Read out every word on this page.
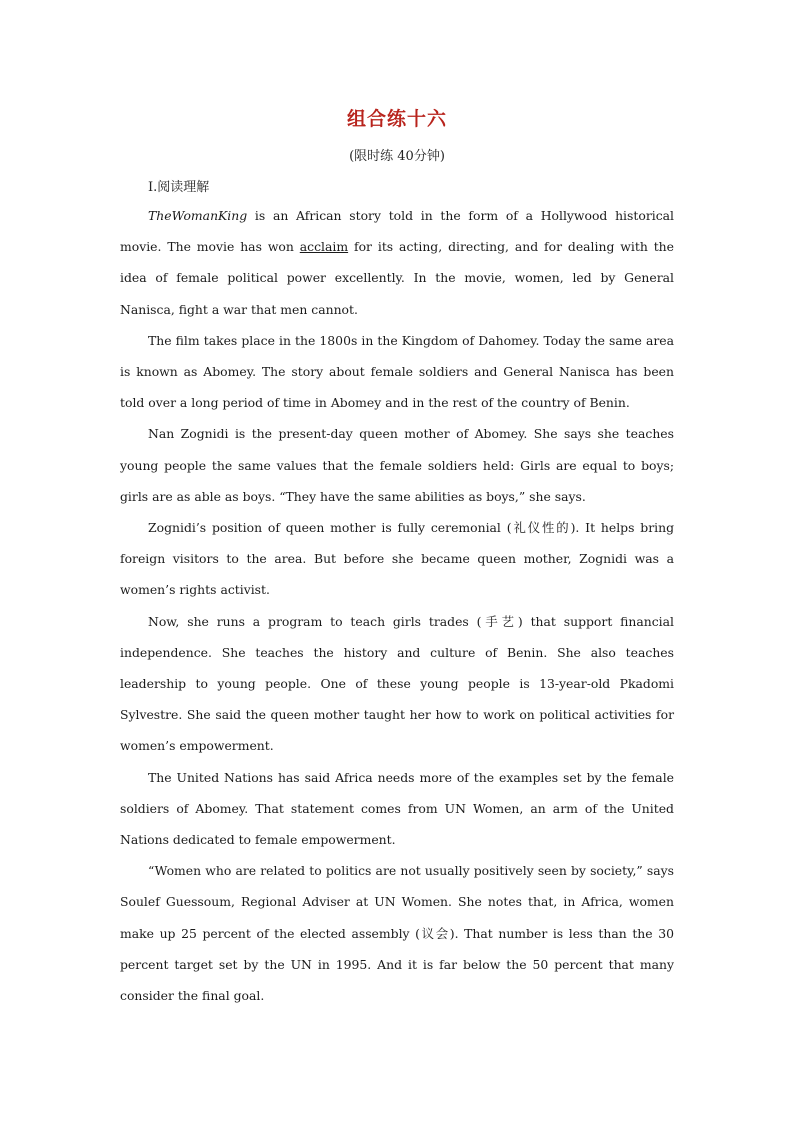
组合练十六
(限时练 40分钟)
Ⅰ.阅读理解

TheWomanKing is an African story told in the form of a Hollywood historical movie. The movie has won acclaim for its acting, directing, and for dealing with the idea of female political power excellently. In the movie, women, led by General Nanisca, fight a war that men cannot.

The film takes place in the 1800s in the Kingdom of Dahomey. Today the same area is known as Abomey. The story about female soldiers and General Nanisca has been told over a long period of time in Abomey and in the rest of the country of Benin.

Nan Zognidi is the present-day queen mother of Abomey. She says she teaches young people the same values that the female soldiers held: Girls are equal to boys; girls are as able as boys. “They have the same abilities as boys,” she says.

Zognidi’s position of queen mother is fully ceremonial (礼仪性的). It helps bring foreign visitors to the area. But before she became queen mother, Zognidi was a women’s rights activist.

Now, she runs a program to teach girls trades (手艺) that support financial independence. She teaches the history and culture of Benin. She also teaches leadership to young people. One of these young people is 13-year-old Pkadomi Sylvestre. She said the queen mother taught her how to work on political activities for women’s empowerment.

The United Nations has said Africa needs more of the examples set by the female soldiers of Abomey. That statement comes from UN Women, an arm of the United Nations dedicated to female empowerment.

“Women who are related to politics are not usually positively seen by society,” says Soulef Guessoum, Regional Adviser at UN Women. She notes that, in Africa, women make up 25 percent of the elected assembly (议会). That number is less than the 30 percent target set by the UN in 1995. And it is far below the 50 percent that many consider the final goal.
